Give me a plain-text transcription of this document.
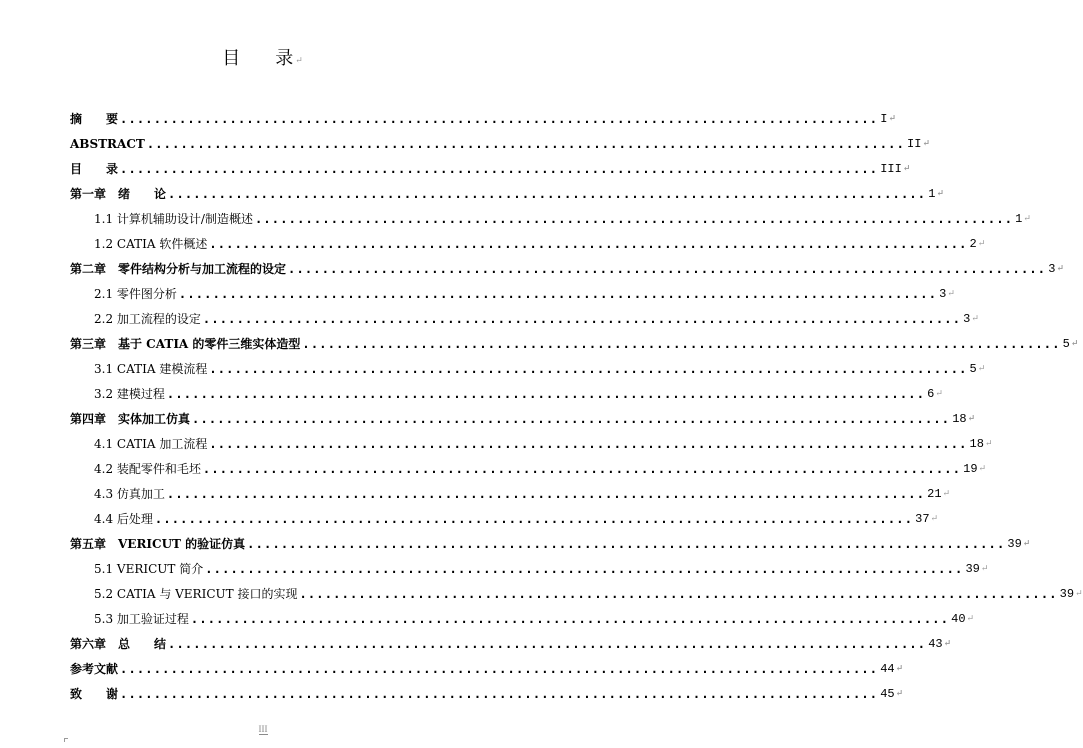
目 录↵
摘　　要 .......................................................................................... I ↵
ABSTRACT .......................................................................................... II ↵
目　　录 .......................................................................................... III ↵
第一章　绪　　论 .......................................................................................... 1 ↵
1.1 计算机辅助设计/制造概述 .......................................................................................... 1 ↵
1.2 CATIA 软件概述 .......................................................................................... 2 ↵
第二章　零件结构分析与加工流程的设定 .......................................................................................... 3 ↵
2.1 零件图分析 .......................................................................................... 3 ↵
2.2 加工流程的设定 .......................................................................................... 3 ↵
第三章　基于 CATIA 的零件三维实体造型 .......................................................................................... 5 ↵
3.1 CATIA 建模流程 .......................................................................................... 5 ↵
3.2 建模过程 .......................................................................................... 6 ↵
第四章　实体加工仿真 .......................................................................................... 18 ↵
4.1 CATIA 加工流程 .......................................................................................... 18 ↵
4.2 装配零件和毛坯 .......................................................................................... 19 ↵
4.3 仿真加工 .......................................................................................... 21 ↵
4.4 后处理 .......................................................................................... 37 ↵
第五章　VERICUT 的验证仿真 .......................................................................................... 39 ↵
5.1 VERICUT 简介 .......................................................................................... 39 ↵
5.2 CATIA 与 VERICUT 接口的实现 .......................................................................................... 39 ↵
5.3 加工验证过程 .......................................................................................... 40 ↵
第六章　总　　结 .......................................................................................... 43 ↵
参考文献 .......................................................................................... 44 ↵
致　　谢 .......................................................................................... 45 ↵
III
